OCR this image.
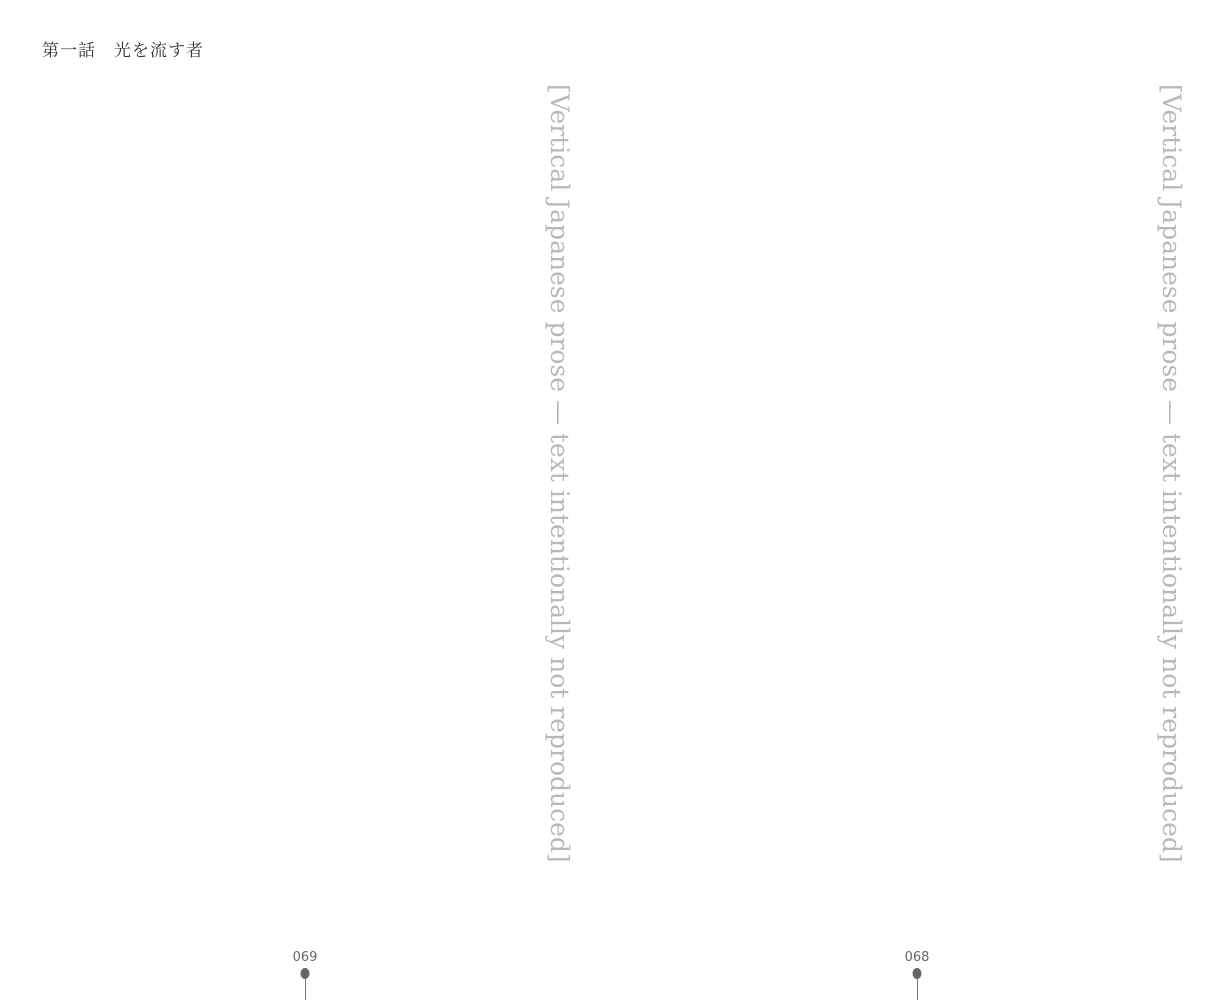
第一話　光を流す者
[Vertical Japanese prose — text intentionally not reproduced]
[Vertical Japanese prose — text intentionally not reproduced]
069	068
